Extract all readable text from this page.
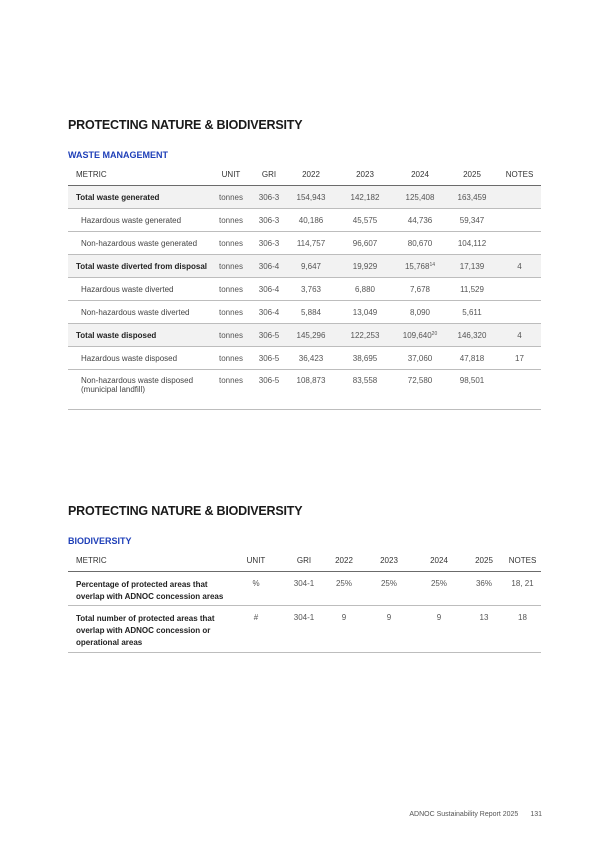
PROTECTING NATURE & BIODIVERSITY
WASTE MANAGEMENT
METRIC	UNIT	GRI	2022	2023	2024	2025	NOTES
Total waste generated	tonnes	306-3	154,943	142,182	125,408	163,459	
Hazardous waste generated	tonnes	306-3	40,186	45,575	44,736	59,347	
Non-hazardous waste generated	tonnes	306-3	114,757	96,607	80,670	104,112	
Total waste diverted from disposal	tonnes	306-4	9,647	19,929	15,768$^{14}$	17,139	4
Hazardous waste diverted	tonnes	306-4	3,763	6,880	7,678	11,529	
Non-hazardous waste diverted	tonnes	306-4	5,884	13,049	8,090	5,611	
Total waste disposed	tonnes	306-5	145,296	122,253	109,640$^{20}$	146,320	4
Hazardous waste disposed	tonnes	306-5	36,423	38,695	37,060	47,818	17
Non-hazardous waste disposed (municipal landfill)	tonnes	306-5	108,873	83,558	72,580	98,501	
PROTECTING NATURE & BIODIVERSITY
BIODIVERSITY
METRIC	UNIT	GRI	2022	2023	2024	2025	NOTES
Percentage of protected areas that overlap with ADNOC concession areas	%	304-1	25%	25%	25%	36%	18, 21
Total number of protected areas that overlap with ADNOC concession or operational areas	#	304-1	9	9	9	13	18
ADNOC Sustainability Report 2025 131
